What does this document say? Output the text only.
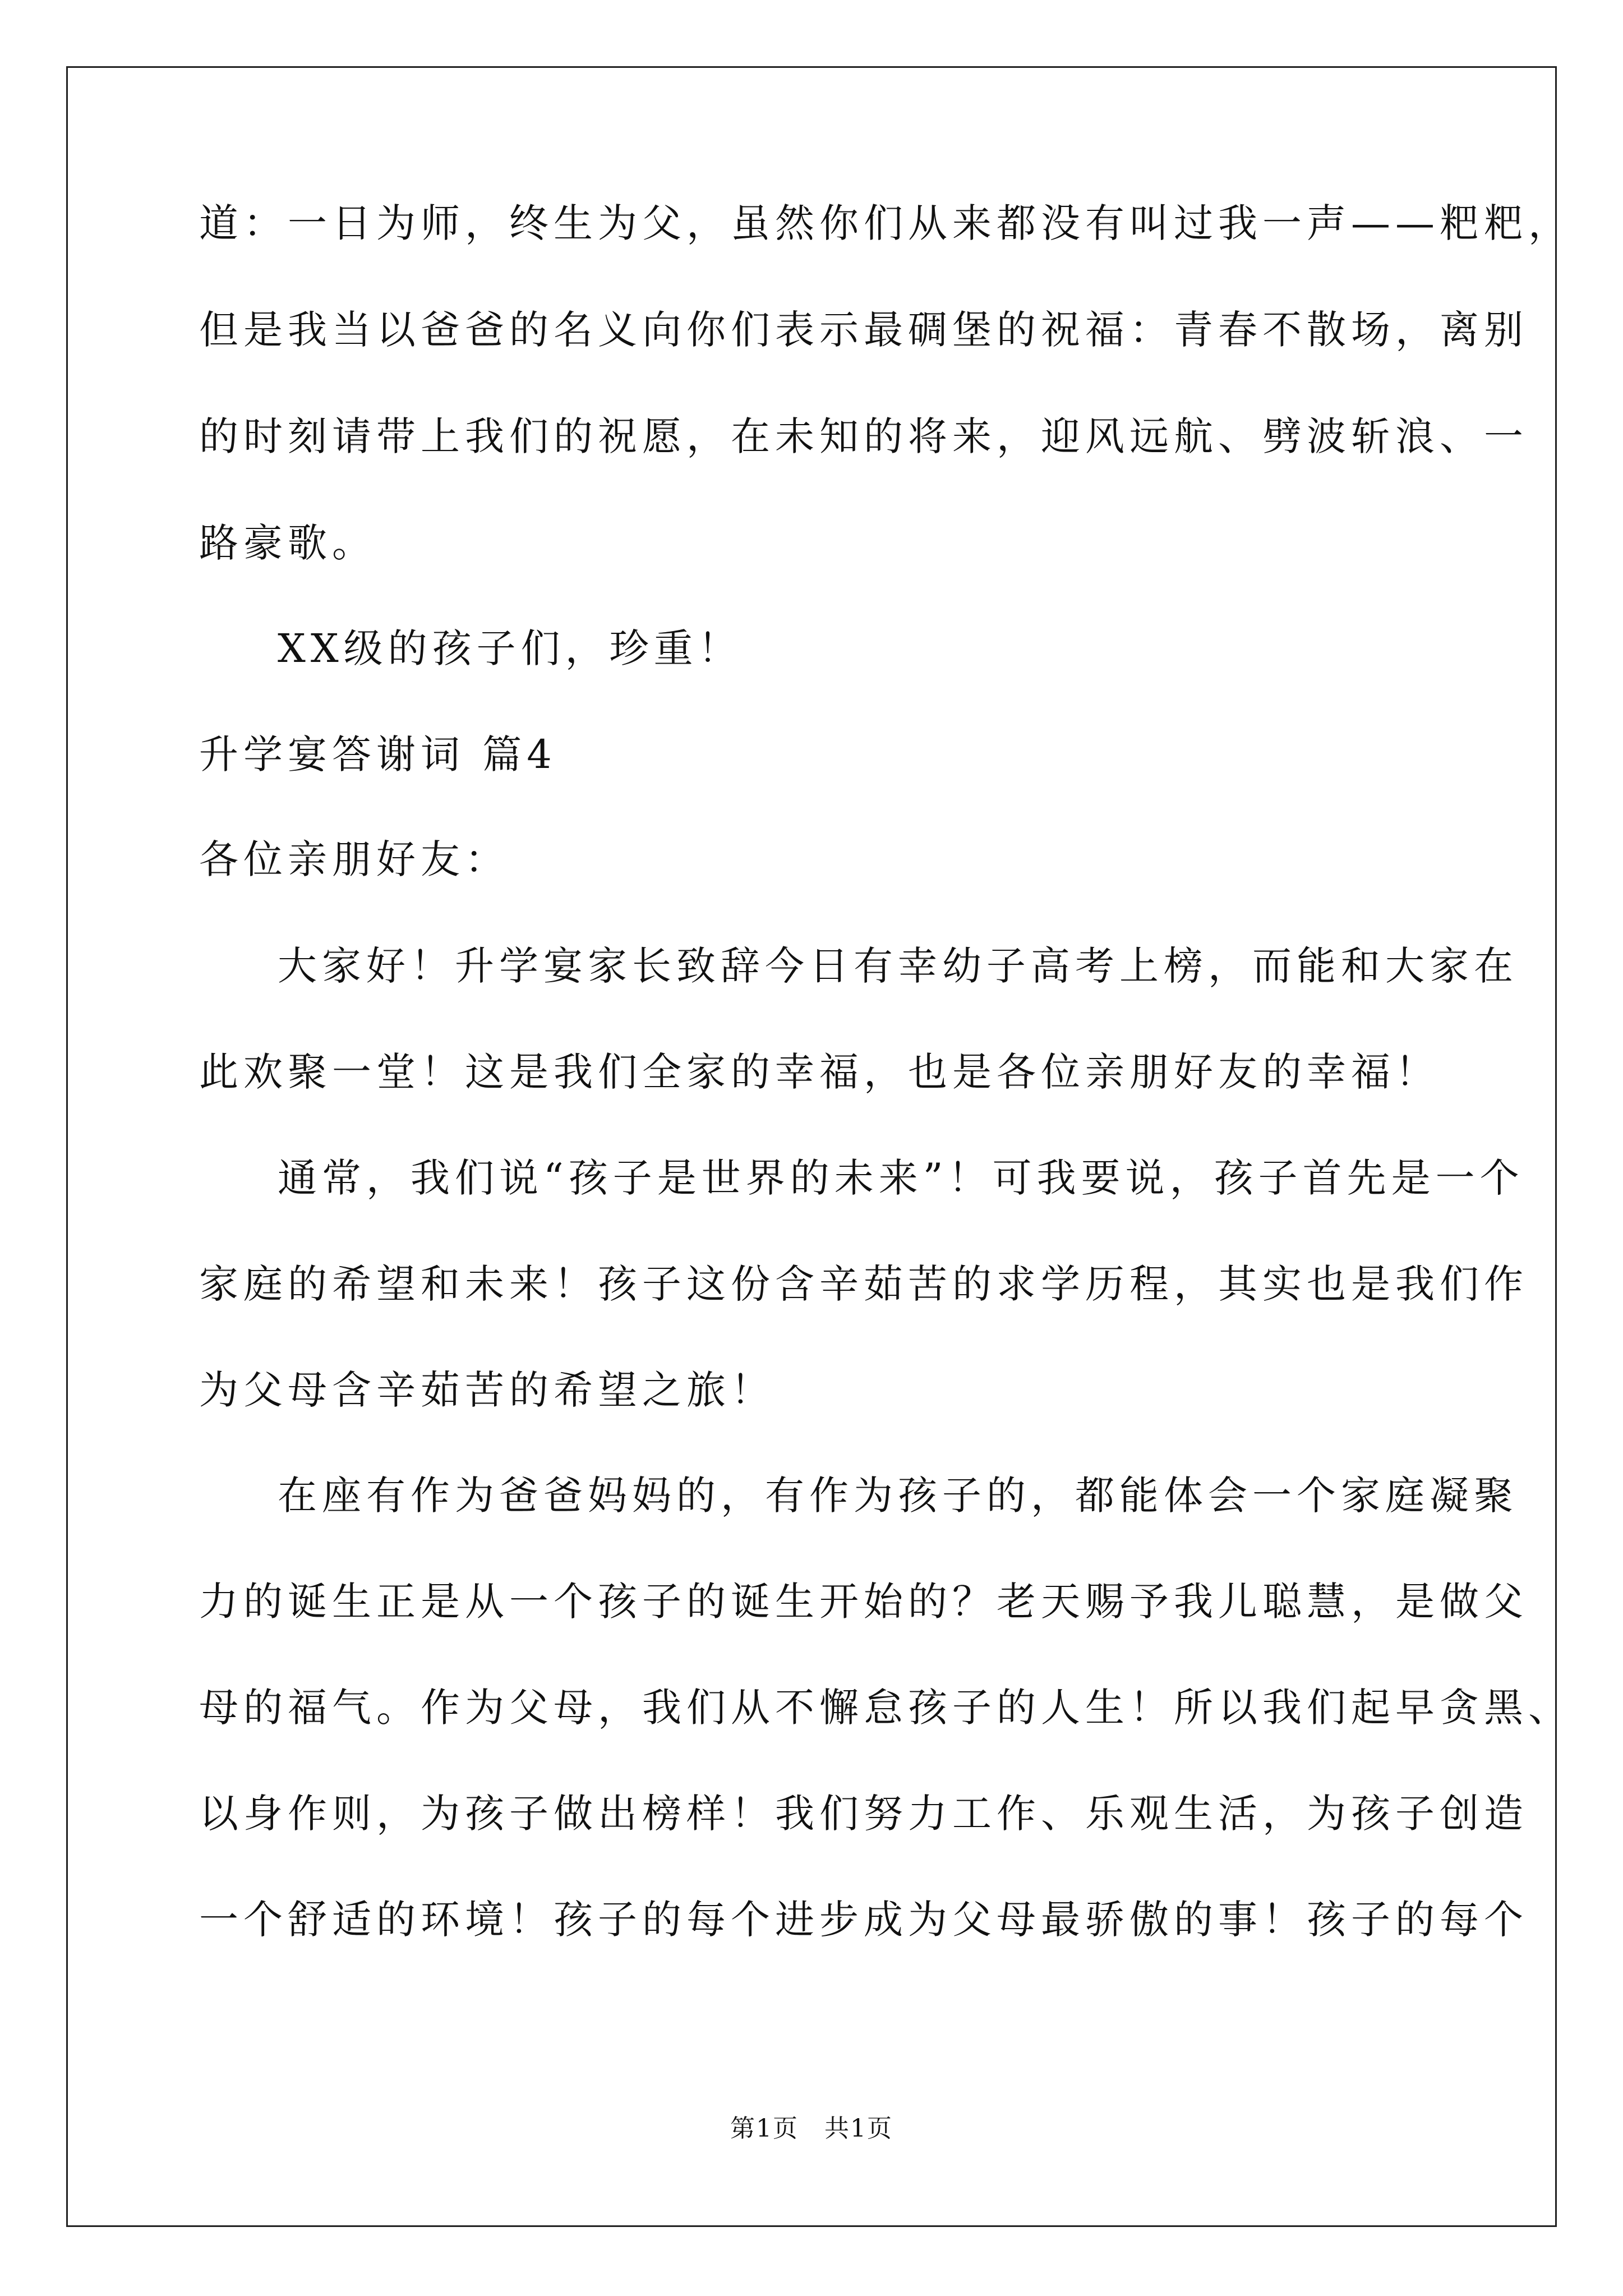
道：一日为师，终生为父，虽然你们从来都没有叫过我一声——粑粑，
但是我当以爸爸的名义向你们表示最碉堡的祝福：青春不散场，离别
的时刻请带上我们的祝愿，在未知的将来，迎风远航、劈波斩浪、一
路豪歌。
XX级的孩子们，珍重！
升学宴答谢词 篇4
各位亲朋好友：
大家好！升学宴家长致辞今日有幸幼子高考上榜，而能和大家在
此欢聚一堂！这是我们全家的幸福，也是各位亲朋好友的幸福！
通常，我们说“孩子是世界的未来”！可我要说，孩子首先是一个
家庭的希望和未来！孩子这份含辛茹苦的求学历程，其实也是我们作
为父母含辛茹苦的希望之旅！
在座有作为爸爸妈妈的，有作为孩子的，都能体会一个家庭凝聚
力的诞生正是从一个孩子的诞生开始的？老天赐予我儿聪慧，是做父
母的福气。作为父母，我们从不懈怠孩子的人生！所以我们起早贪黑、
以身作则，为孩子做出榜样！我们努力工作、乐观生活，为孩子创造
一个舒适的环境！孩子的每个进步成为父母最骄傲的事！孩子的每个
第1页　共1页
